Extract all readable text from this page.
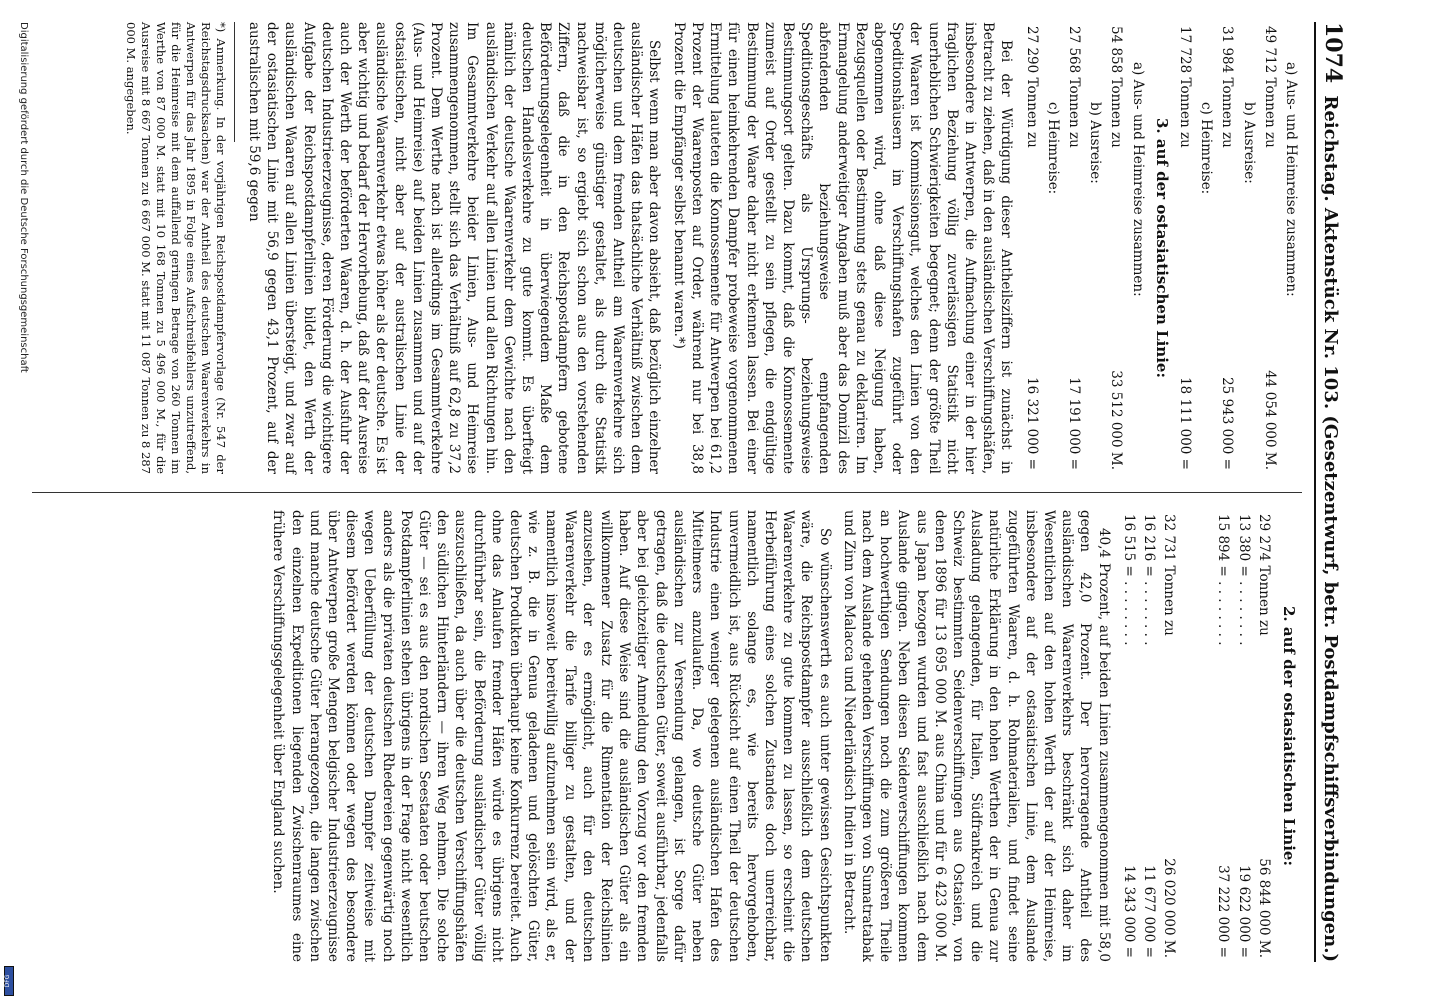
1074
Reichstag. Aktenstück Nr. 103. (Gesetzentwurf, betr. Postdampfschiffsverbindungen.)
a) Aus- und Heimreise zusammen:
49 712 Tonnen zu	44 054 000 M.
b) Ausreise:
31 984 Tonnen zu	25 943 000 =
c) Heimreise:
17 728 Tonnen zu	18 111 000 =
3. auf der ostasiatischen Linie:
a) Aus- und Heimreise zusammen:
54 858 Tonnen zu	33 512 000 M.
b) Ausreise:
27 568 Tonnen zu	17 191 000 =
c) Heimreise:
27 290 Tonnen zu	16 321 000 =

Bei der Würdigung dieser Antheilsziffern ist zunächst in Betracht zu ziehen, daß in den ausländischen Verschiffungshäfen, insbesondere in Antwerpen, die Aufmachung einer in der hier fraglichen Beziehung völlig zuverlässigen Statistik nicht unerheblichen Schwierigkeiten begegnet; denn der größte Theil der Waaren ist Kommissionsgut, welches den Linien von den Speditionshäusern im Verschiffungshafen zugeführt oder abgenommen wird, ohne daß diese Neigung haben, Bezugsquellen oder Bestimmung stets genau zu deklariren. Im Ermangelung anderweitiger Angaben muß aber das Domizil des abfendenden beziehungsweise empfangenden Speditionsgeschäfts als Ursprungs- beziehungsweise Bestimmungsort gelten. Dazu kommt, daß die Konnossemente zumeist auf Order gestellt zu sein pflegen, die endgültige Bestimmung der Waare daher nicht erkennen lassen. Bei einer für einen heimkehrenden Dampfer probeweise vorgenommenen Ermittelung lauteten die Konnossemente für Antwerpen bei 61,2 Prozent der Waarenposten auf Order, während nur bei 38,8 Prozent die Empfänger selbst benannt waren.*)

Selbst wenn man aber davon absieht, daß bezüglich einzelner ausländischer Häfen das thatsächliche Verhältniß zwischen dem deutschen und dem fremden Antheil am Waarenverkehre sich möglicherweise günstiger gestaltet, als durch die Statistik nachweisbar ist, so ergiebt sich schon aus den vorstehenden Ziffern, daß die in den Reichspostdampfern gebotene Beförderungsgelegenheit in überwiegendem Maße dem deutschen Handelsverkehre zu gute kommt. Es überfteigt nämlich der deutsche Waarenverkehr dem Gewichte nach den ausländischen Verkehr auf allen Linien und allen Richtungen hin. Im Gesammtverkehre beider Linien, Aus- und Heimreise zusammengenommen, stellt sich das Verhältniß auf 62,8 zu 37,2 Prozent. Dem Werthe nach ist allerdings im Gesammtverkehre (Aus- und Heimreise) auf beiden Linien zusammen und auf der ostasiatischen, nicht aber auf der australischen Linie der ausländische Waarenverkehr etwas höher als der deutsche. Es ist aber wichtig und bedarf der Hervorhebung, daß auf der Ausreise auch der Werth der beförderten Waaren, d. h. der Ausfuhr der deutschen Industrieerzeugnisse, deren Förderung die wichtigere Aufgabe der Reichspostdampferlinien bildet, den Werth der ausländischen Waaren auf allen Linien übersteigt, und zwar auf der ostasiatischen Linie mit 56,9 gegen 43,1 Prozent, auf der australischen mit 59,6 gegen

*) Anmerkung. In der vorjährigen Reichspostdampfervorlage (Nr. 547 der Reichstagsdrucksachen) war der Antheil des deutschen Waarenverkehrs in Antwerpen für das Jahr 1895 in Folge eines Aufschreibfehlers unzutreffend, für die Heimreise mit dem auffallend geringen Betrage von 260 Tonnen im Werthe von 87 000 M. statt mit 10 168 Tonnen zu 5 496 000 M., für die Ausreise mit 8 667 Tonnen zu 6 667 000 M. statt mit 11 087 Tonnen zu 8 287 000 M. angegeben.
2. auf der ostasiatischen Linie:
29 274 Tonnen zu	56 844 000 M.
13 380 = . . . . . . . .	19 622 000 =
15 894 = . . . . . . . .	37 222 000 =
32 731 Tonnen zu	26 020 000 M.
16 216 = . . . . . . . .	11 677 000 =
16 515 = . . . . . . . .	14 343 000 =

40,4 Prozent, auf beiden Linien zusammengenommen mit 58,0 gegen 42,0 Prozent. Der hervorragende Antheil des ausländischen Waarenverkehrs beschränkt sich daher im Wesentlichen auf den hohen Werth der auf der Heimreise, insbesondere auf der ostasiatischen Linie, dem Auslande zugeführten Waaren, d. h. Rohmaterialien, und findet seine natürliche Erklärung in den hohen Werthen der in Genua zur Ausladung gelangenden, für Italien, Südfrankreich und die Schweiz bestimmten Seidenverschiffungen aus Ostasien, von denen 1896 für 13 695 000 M. aus China und für 6 423 000 M. aus Japan bezogen wurden und fast ausschließlich nach dem Auslande gingen. Neben diesen Seidenverschiffungen kommen an hochwerthigen Sendungen noch die zum größeren Theile nach dem Auslande gehenden Verschiffungen von Sumatratabak und Zinn von Malacca und Niederländisch Indien in Betracht.

So wünschenswerth es auch unter gewissen Gesichtspunkten wäre, die Reichspostdampfer ausschließlich dem deutschen Waarenverkehre zu gute kommen zu lassen, so erscheint die Herbeiführung eines solchen Zustandes doch unerreichbar, namentlich solange es, wie bereits hervorgehoben, unvermeidlich ist, aus Rücksicht auf einen Theil der deutschen Industrie einen weniger gelegenen ausländischen Hafen des Mittelmeers anzulaufen. Da, wo deutsche Güter neben ausländischen zur Versendung gelangen, ist Sorge dafür getragen, daß die deutschen Güter, soweit ausführbar, jedenfalls aber bei gleichzeitiger Anmeldung den Vorzug vor den fremden haben. Auf diese Weise sind die ausländischen Güter als ein willkommener Zusatz für die Rimentation der Reichslinien anzusehen, der es ermöglicht, auch für den deutschen Waarenverkehr die Tarife billiger zu gestalten, und der namentlich insoweit bereitwillig aufzunehmen sein wird, als er, wie z. B. die in Genua geladenen und gelöschten Güter, deutschen Produkten überhaupt keine Konkurrenz bereitet. Auch ohne das Anlaufen fremder Häfen würde es übrigens nicht durchführbar sein, die Beförderung ausländischer Güter völlig auszuschließen, da auch über die deutschen Verschiffungshäfen den südlichen Hinterländern — ihren Weg nehmen. Die solche Güter — sei es aus den nordischen Seestaaten oder beutschen Postdampferlinien stehen übrigens in der Frage nicht wesentlich anders als die privaten deutschen Rhedereien gegenwärtig noch wegen Ueberfüllung der deutschen Dampfer zeitweise mit diesem befördert werden können oder wegen des besondere über Antwerpen große Mengen belgischer Industrieerzeugnisse und manche deutsche Güter herangezogen, die langen zwischen den einzelnen Expeditionen liegenden Zwischenraumes eine frühere Verschiffungsgelegenheit über England suchen.

Digitalisierung gefördert durch die Deutsche Forschungsgemeinschaft
DFG
